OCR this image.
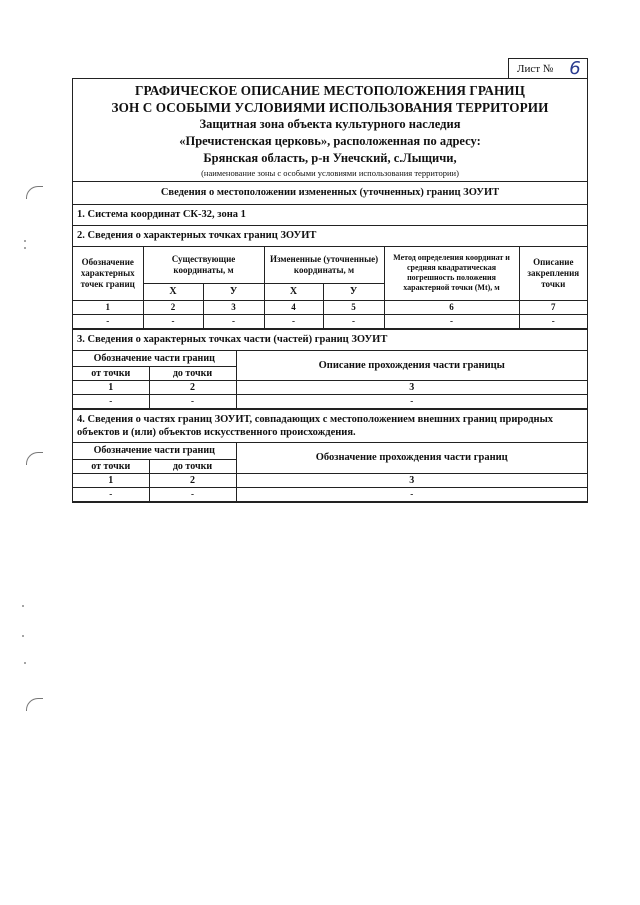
Лист № 6
ГРАФИЧЕСКОЕ ОПИСАНИЕ МЕСТОПОЛОЖЕНИЯ ГРАНИЦ
ЗОН С ОСОБЫМИ УСЛОВИЯМИ ИСПОЛЬЗОВАНИЯ ТЕРРИТОРИИ
Защитная зона объекта культурного наследия
«Пречистенская церковь», расположенная по адресу:
Брянская область, р-н Унечский, с.Лыщичи,
(наименование зоны с особыми условиями использования территории)
Сведения о местоположении измененных (уточненных) границ ЗОУИТ
1. Система координат СК-32, зона 1
2. Сведения о характерных точках границ ЗОУИТ
Обозначение характерных точек границ	Существующие координаты, м		Измененные (уточненные) координаты, м		Метод определения координат и средняя квадратическая погрешность положения характерной точки (Mt), м	Описание закрепления точки
	Х	У	Х	У		
1	2	3	4	5	6	7
-	-	-	-	-	-	-
3. Сведения о характерных точках части (частей) границ ЗОУИТ
Обозначение части границ		Описание прохождения части границы
от точки	до точки	
1	2	3
-	-	-
4. Сведения о частях границ ЗОУИТ, совпадающих с местоположением внешних границ природных объектов и (или) объектов искусственного происхождения.
Обозначение части границ		Обозначение прохождения части границ
от точки	до точки	
1	2	3
-	-	-
